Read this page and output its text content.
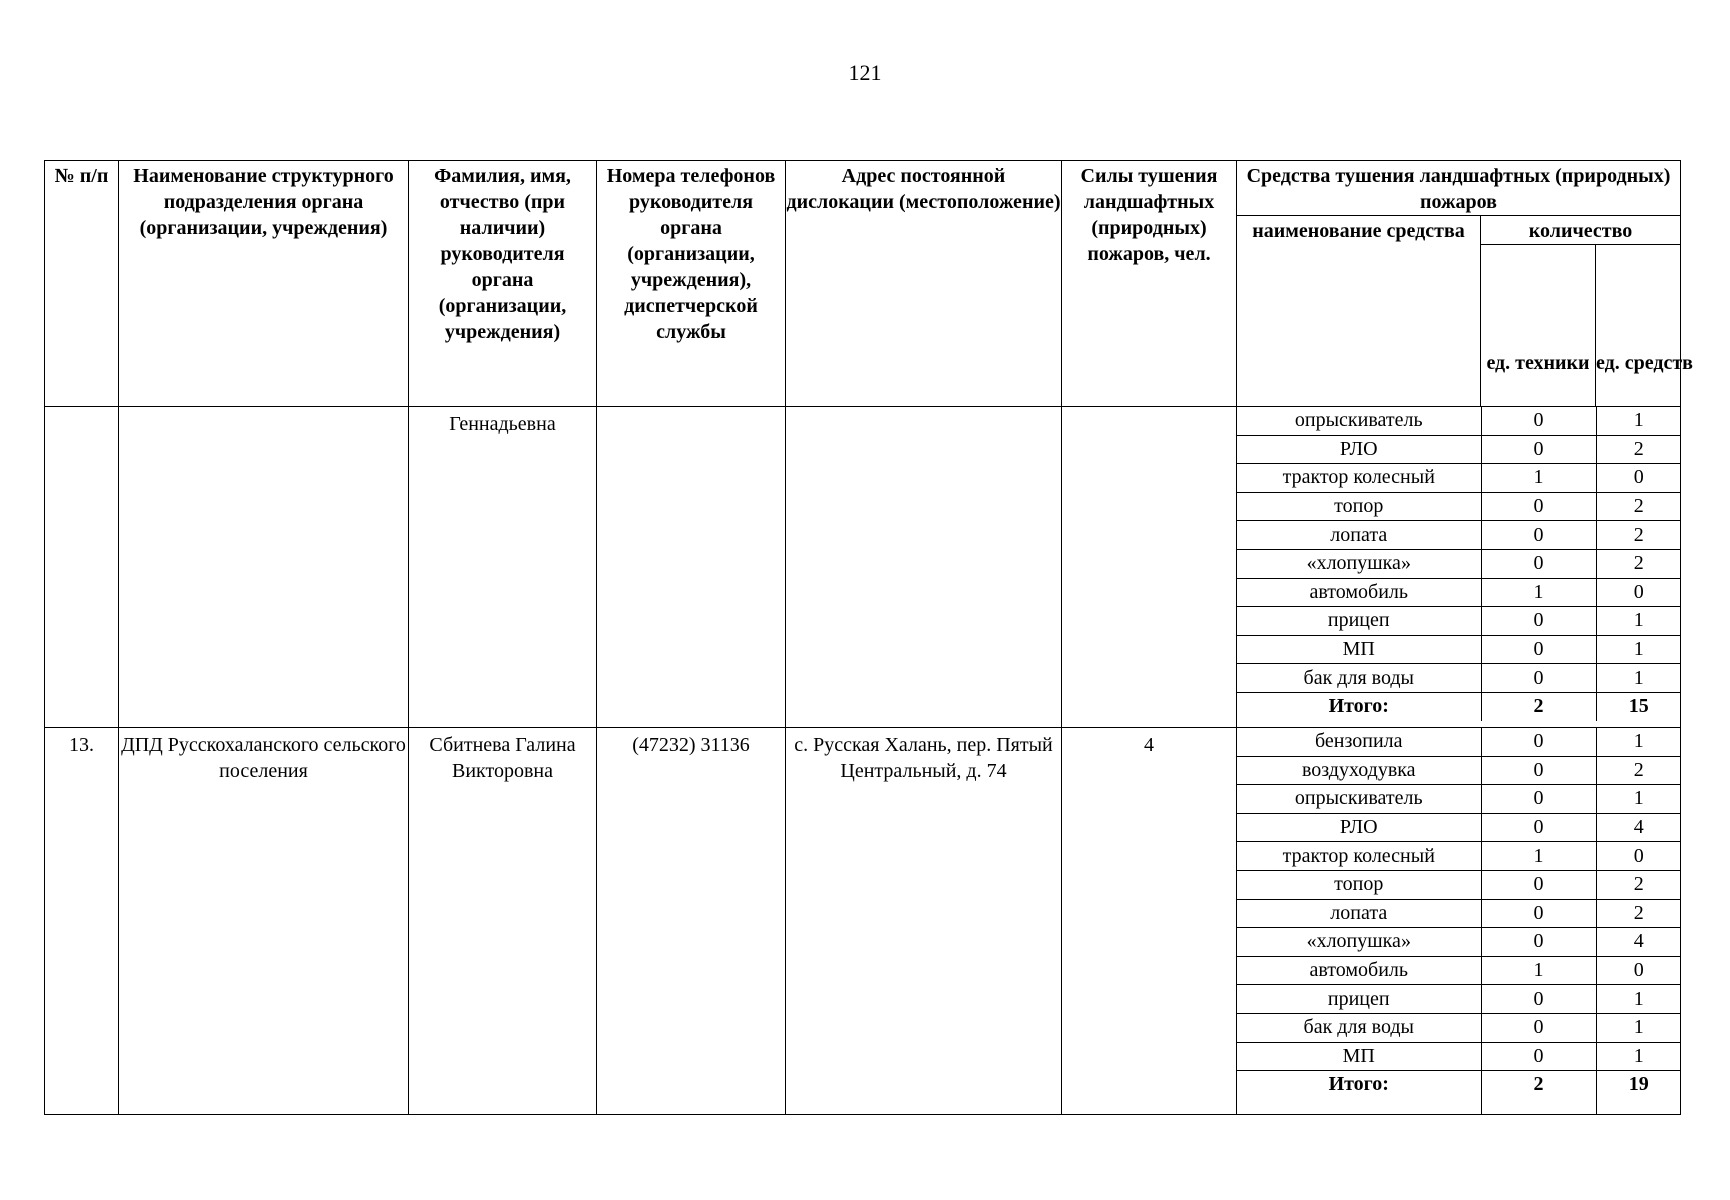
121
№ п/п	Наименование структурного подразделения органа (организации, учреждения)	Фамилия, имя, отчество (при наличии) руководителя органа (организации, учреждения)	Номера телефонов руководителя органа (организации, учреждения), диспетчерской службы	Адрес постоянной дислокации (местоположение)	Силы тушения ландшафтных (природных) пожаров, чел.	Средства тушения ландшафтных (природных) пожаров
наименование средства	количество
ед. техники	ед. средств
		Геннадьевна					опрыскиватель	0	1
РЛО	0	2
трактор колесный	1	0
топор	0	2
лопата	0	2
«хлопушка»	0	2
автомобиль	1	0
прицеп	0	1
МП	0	1
бак для воды	0	1
Итого:	2	15

13.	ДПД Русскохаланского сельского поселения	Сбитнева Галина Викторовна	(47232) 31136	с. Русская Халань, пер. Пятый Центральный, д. 74	4		бензопила	0	1
воздуходувка	0	2
опрыскиватель	0	1
РЛО	0	4
трактор колесный	1	0
топор	0	2
лопата	0	2
«хлопушка»	0	4
автомобиль	1	0
прицеп	0	1
бак для воды	0	1
МП	0	1
Итого:	2	19
